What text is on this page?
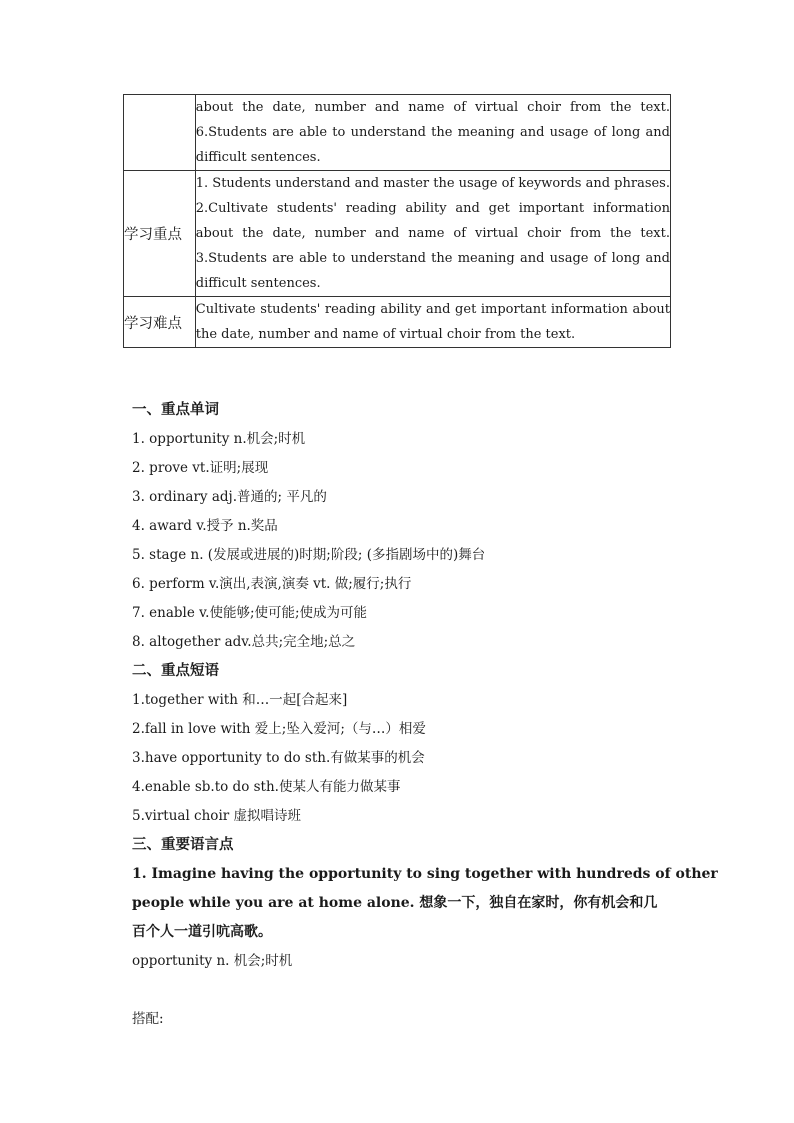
	about the date, number and name of virtual choir from the text.

6.Students are able to understand the meaning and usage of long and

difficult sentences.

学习重点	1. Students understand and master the usage of keywords and phrases.

2.Cultivate students' reading ability and get important information

about the date, number and name of virtual choir from the text.

3.Students are able to understand the meaning and usage of long and

difficult sentences.

学习难点	Cultivate students' reading ability and get important information about

the date, number and name of virtual choir from the text.

一、重点单词
1. opportunity n.机会;时机
2. prove vt.证明;展现
3. ordinary adj.普通的; 平凡的
4. award v.授予 n.奖品
5. stage n. (发展或进展的)时期;阶段; (多指剧场中的)舞台
6. perform v.演出,表演,演奏 vt. 做;履行;执行
7. enable v.使能够;使可能;使成为可能
8. altogether adv.总共;完全地;总之
二、重点短语
1.together with 和…一起[合起来]
2.fall in love with 爱上;坠入爱河;（与…）相爱
3.have opportunity to do sth.有做某事的机会
4.enable sb.to do sth.使某人有能力做某事
5.virtual choir 虚拟唱诗班
三、重要语言点
1. Imagine having the opportunity to sing together with hundreds of other
people while you are at home alone. 想象一下，独自在家时，你有机会和几
百个人一道引吭高歌。
opportunity n. 机会;时机
搭配:
